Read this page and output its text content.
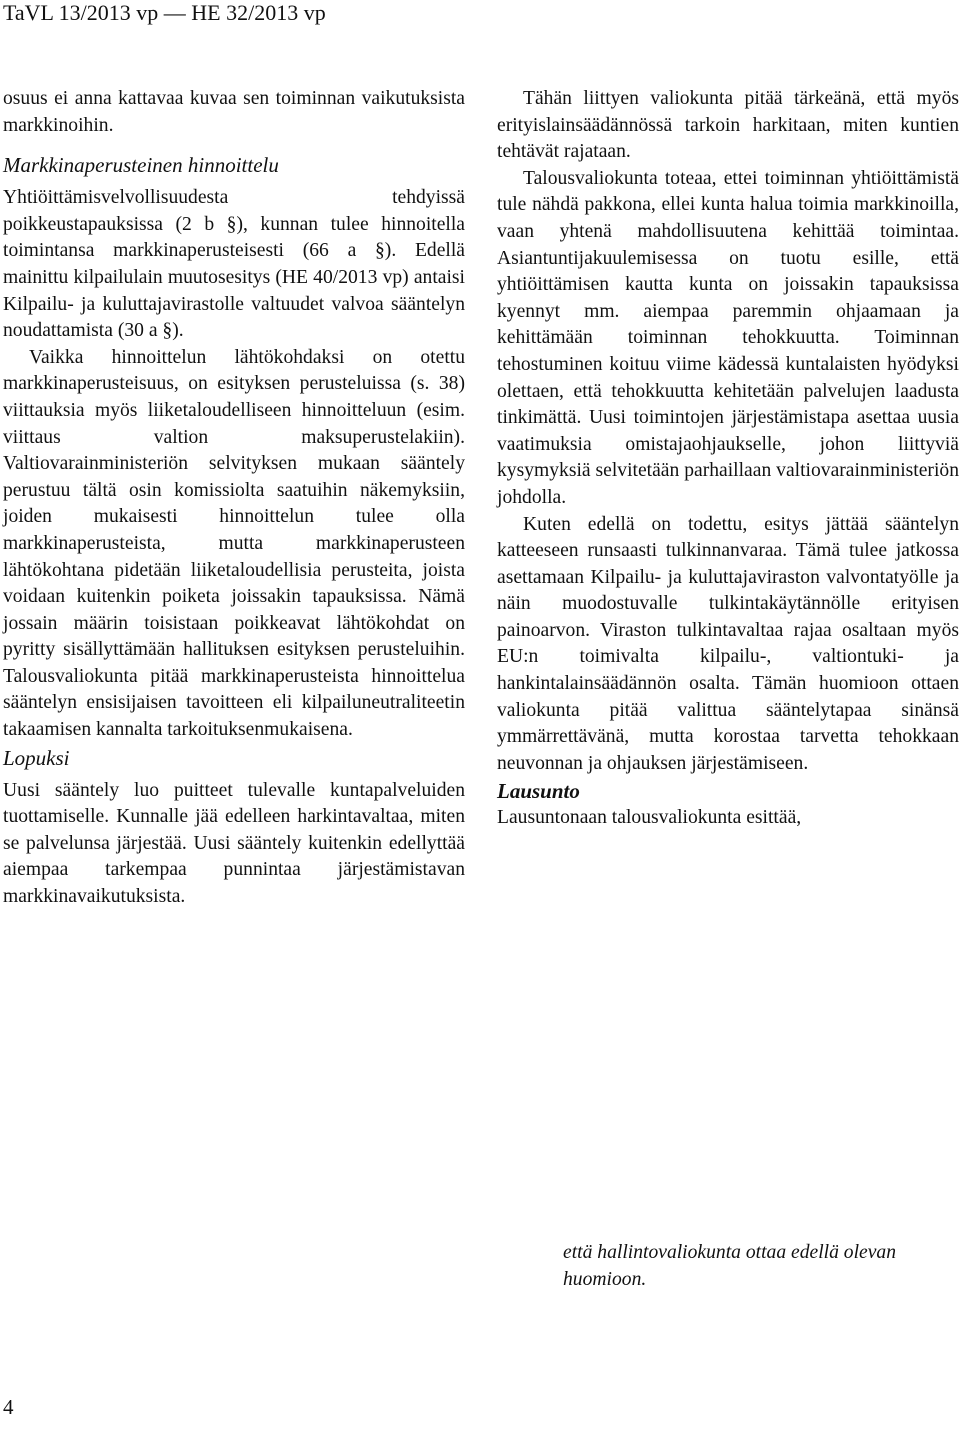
TaVL 13/2013 vp — HE 32/2013 vp

osuus ei anna kattavaa kuvaa sen toiminnan vaikutuksista markkinoihin.

Markkinaperusteinen hinnoittelu

Yhtiöittämisvelvollisuudesta tehdyissä poikkeustapauksissa (2 b §), kunnan tulee hinnoitella toimintansa markkinaperusteisesti (66 a §). Edellä mainittu kilpailulain muutosesitys (HE 40/2013 vp) antaisi Kilpailu- ja kuluttajavirastolle valtuudet valvoa sääntelyn noudattamista (30 a §).

Vaikka hinnoittelun lähtökohdaksi on otettu markkinaperusteisuus, on esityksen perusteluissa (s. 38) viittauksia myös liiketaloudelliseen hinnoitteluun (esim. viittaus valtion maksuperustelakiin). Valtiovarainministeriön selvityksen mukaan sääntely perustuu tältä osin komissiolta saatuihin näkemyksiin, joiden mukaisesti hinnoittelun tulee olla markkinaperusteista, mutta markkinaperusteen lähtökohtana pidetään liiketaloudellisia perusteita, joista voidaan kuitenkin poiketa joissakin tapauksissa. Nämä jossain määrin toisistaan poikkeavat lähtökohdat on pyritty sisällyttämään hallituksen esityksen perusteluihin. Talousvaliokunta pitää markkinaperusteista hinnoittelua sääntelyn ensisijaisen tavoitteen eli kilpailuneutraliteetin takaamisen kannalta tarkoituksenmukaisena.

Lopuksi

Uusi sääntely luo puitteet tulevalle kuntapalveluiden tuottamiselle. Kunnalle jää edelleen harkintavaltaa, miten se palvelunsa järjestää. Uusi sääntely kuitenkin edellyttää aiempaa tarkempaa punnintaa järjestämistavan markkinavaikutuksista.

Tähän liittyen valiokunta pitää tärkeänä, että myös erityislainsäädännössä tarkoin harkitaan, miten kuntien tehtävät rajataan.

Talousvaliokunta toteaa, ettei toiminnan yhtiöittämistä tule nähdä pakkona, ellei kunta halua toimia markkinoilla, vaan yhtenä mahdollisuutena kehittää toimintaa. Asiantuntijakuulemisessa on tuotu esille, että yhtiöittämisen kautta kunta on joissakin tapauksissa kyennyt mm. aiempaa paremmin ohjaamaan ja kehittämään toiminnan tehokkuutta. Toiminnan tehostuminen koituu viime kädessä kuntalaisten hyödyksi olettaen, että tehokkuutta kehitetään palvelujen laadusta tinkimättä. Uusi toimintojen järjestämistapa asettaa uusia vaatimuksia omistajaohjaukselle, johon liittyviä kysymyksiä selvitetään parhaillaan valtiovarainministeriön johdolla.

Kuten edellä on todettu, esitys jättää sääntelyn katteeseen runsaasti tulkinnanvaraa. Tämä tulee jatkossa asettamaan Kilpailu- ja kuluttajaviraston valvontatyölle ja näin muodostuvalle tulkintakäytännölle erityisen painoarvon. Viraston tulkintavaltaa rajaa osaltaan myös EU:n toimivalta kilpailu-, valtiontuki- ja hankintalainsäädännön osalta. Tämän huomioon ottaen valiokunta pitää valittua sääntelytapaa sinänsä ymmärrettävänä, mutta korostaa tarvetta tehokkaan neuvonnan ja ohjauksen järjestämiseen.

Lausunto

Lausuntonaan talousvaliokunta esittää,

että hallintovaliokunta ottaa edellä olevan huomioon.
4
